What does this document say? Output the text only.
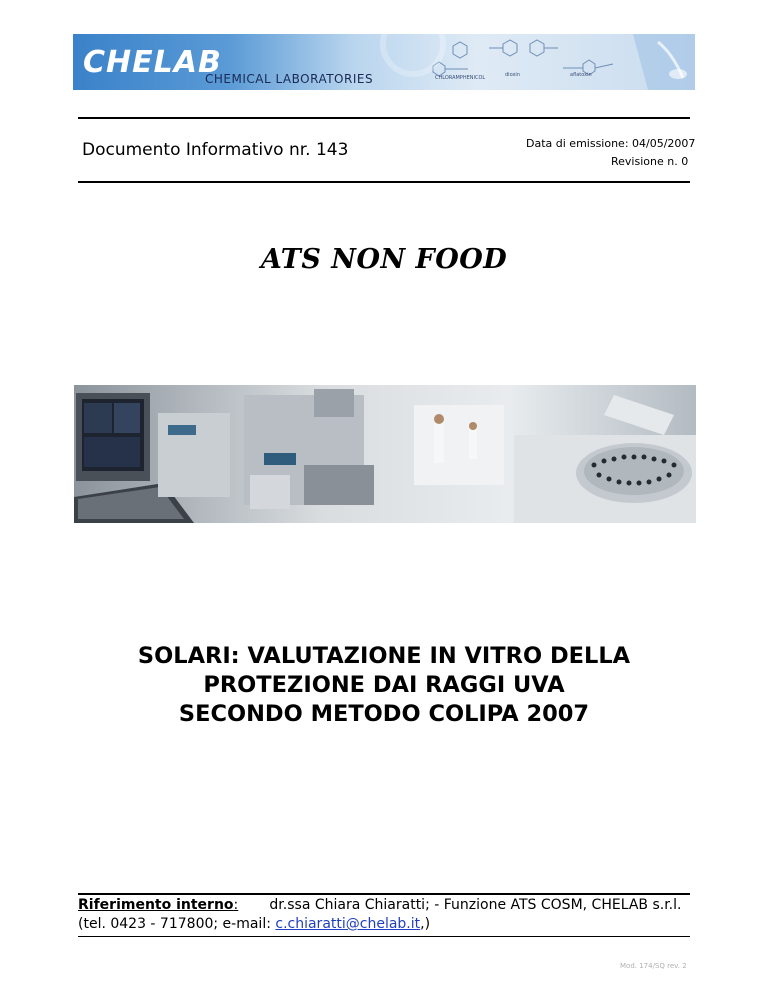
CHELAB
CHEMICAL LABORATORIES	CHLORAMPHENICOL	dioxin	aflatoxin
Documento Informativo nr. 143	Data di emissione: 04/05/2007
Revisione n. 0
ATS NON FOOD
SOLARI: VALUTAZIONE IN VITRO DELLA
PROTEZIONE DAI RAGGI UVA
SECONDO METODO COLIPA 2007
Riferimento interno: dr.ssa Chiara Chiaratti; - Funzione ATS COSM, CHELAB s.r.l.
(tel. 0423 - 717800; e-mail: c.chiaratti@chelab.it,)
Mod. 174/SQ rev. 2
